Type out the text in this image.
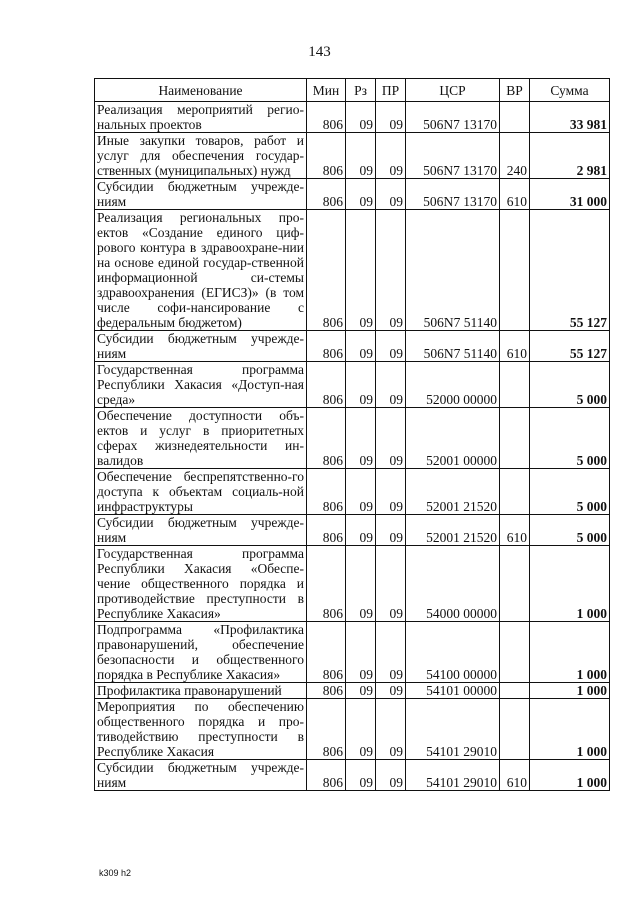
143
Наименование	Мин	Рз	ПР	ЦСР	ВР	Сумма
Реализация мероприятий регио-нальных проектов	806	09	09	506N7 13170		33 981
Иные закупки товаров, работ и услуг для обеспечения государ-ственных (муниципальных) нужд	806	09	09	506N7 13170	240	2 981
Субсидии бюджетным учрежде-ниям	806	09	09	506N7 13170	610	31 000
Реализация региональных про-ектов «Создание единого циф-рового контура в здравоохране-нии на основе единой государ-ственной информационной си-стемы здравоохранения (ЕГИСЗ)» (в том числе софи-нансирование с федеральным бюджетом)	806	09	09	506N7 51140		55 127
Субсидии бюджетным учрежде-ниям	806	09	09	506N7 51140	610	55 127
Государственная программа Республики Хакасия «Доступ-ная среда»	806	09	09	52000 00000		5 000
Обеспечение доступности объ-ектов и услуг в приоритетных сферах жизнедеятельности ин-валидов	806	09	09	52001 00000		5 000
Обеспечение беспрепятственно-го доступа к объектам социаль-ной инфраструктуры	806	09	09	52001 21520		5 000
Субсидии бюджетным учрежде-ниям	806	09	09	52001 21520	610	5 000
Государственная программа Республики Хакасия «Обеспе-чение общественного порядка и противодействие преступности в Республике Хакасия»	806	09	09	54000 00000		1 000
Подпрограмма «Профилактика правонарушений, обеспечение безопасности и общественного порядка в Республике Хакасия»	806	09	09	54100 00000		1 000
Профилактика правонарушений	806	09	09	54101 00000		1 000
Мероприятия по обеспечению общественного порядка и про-тиводействию преступности в Республике Хакасия	806	09	09	54101 29010		1 000
Субсидии бюджетным учрежде-ниям	806	09	09	54101 29010	610	1 000
k309 h2
